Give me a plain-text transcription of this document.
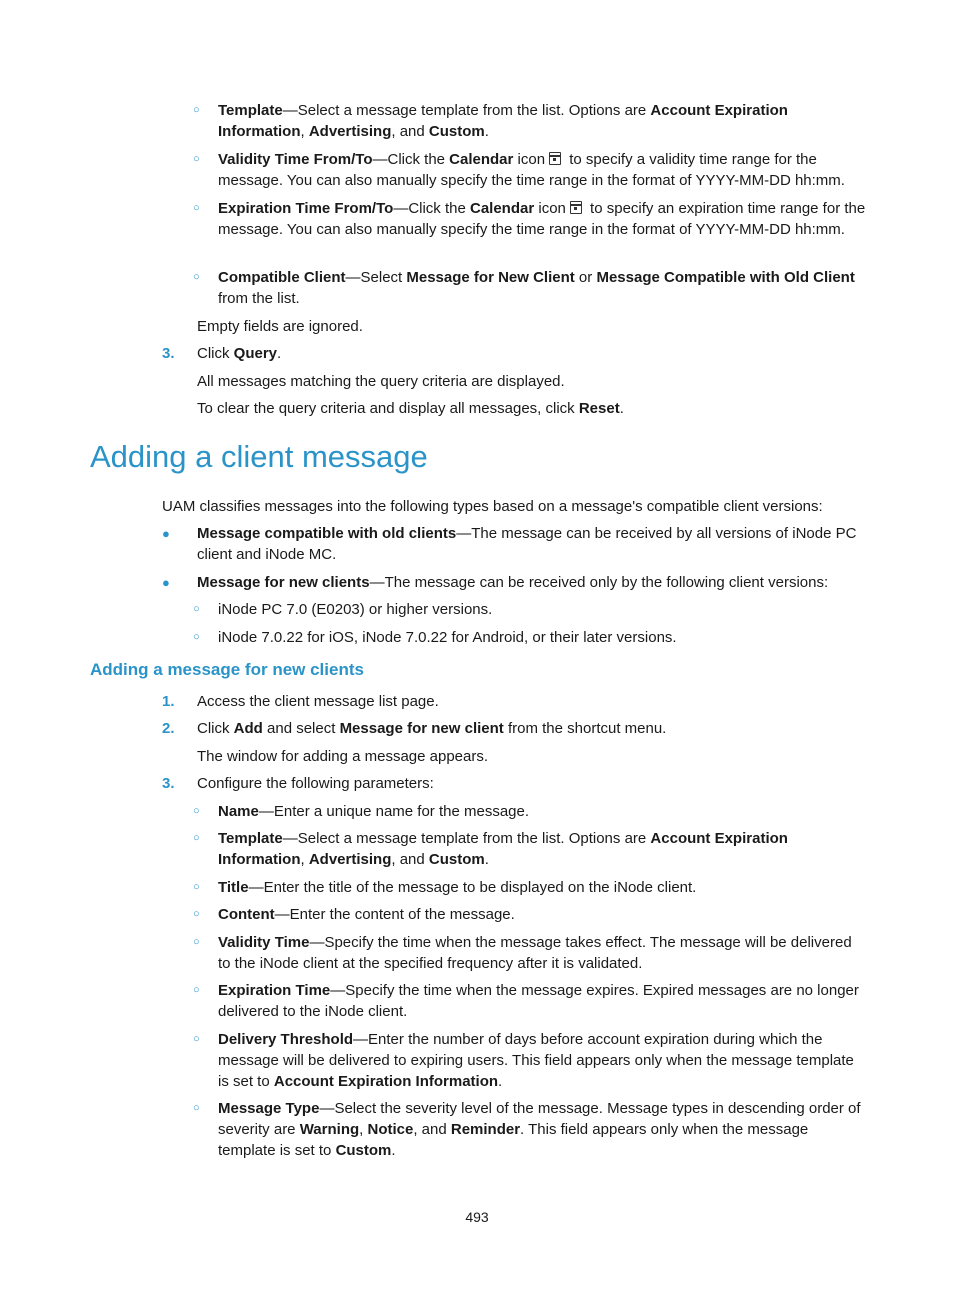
○ Template—Select a message template from the list. Options are Account Expiration Information, Advertising, and Custom.
○ Validity Time From/To—Click the Calendar icon to specify a validity time range for the message. You can also manually specify the time range in the format of YYYY-MM-DD hh:mm.
○ Expiration Time From/To—Click the Calendar icon to specify an expiration time range for the message. You can also manually specify the time range in the format of YYYY-MM-DD hh:mm.
○ Compatible Client—Select Message for New Client or Message Compatible with Old Client from the list.
Empty fields are ignored.
3. Click Query.
All messages matching the query criteria are displayed.
To clear the query criteria and display all messages, click Reset.
Adding a client message
UAM classifies messages into the following types based on a message's compatible client versions:
● Message compatible with old clients—The message can be received by all versions of iNode PC client and iNode MC.
● Message for new clients—The message can be received only by the following client versions:
○ iNode PC 7.0 (E0203) or higher versions.
○ iNode 7.0.22 for iOS, iNode 7.0.22 for Android, or their later versions.
Adding a message for new clients
1. Access the client message list page.
2. Click Add and select Message for new client from the shortcut menu.
The window for adding a message appears.
3. Configure the following parameters:
○ Name—Enter a unique name for the message.
○ Template—Select a message template from the list. Options are Account Expiration Information, Advertising, and Custom.
○ Title—Enter the title of the message to be displayed on the iNode client.
○ Content—Enter the content of the message.
○ Validity Time—Specify the time when the message takes effect. The message will be delivered to the iNode client at the specified frequency after it is validated.
○ Expiration Time—Specify the time when the message expires. Expired messages are no longer delivered to the iNode client.
○ Delivery Threshold—Enter the number of days before account expiration during which the message will be delivered to expiring users. This field appears only when the message template is set to Account Expiration Information.
○ Message Type—Select the severity level of the message. Message types in descending order of severity are Warning, Notice, and Reminder. This field appears only when the message template is set to Custom.
493
